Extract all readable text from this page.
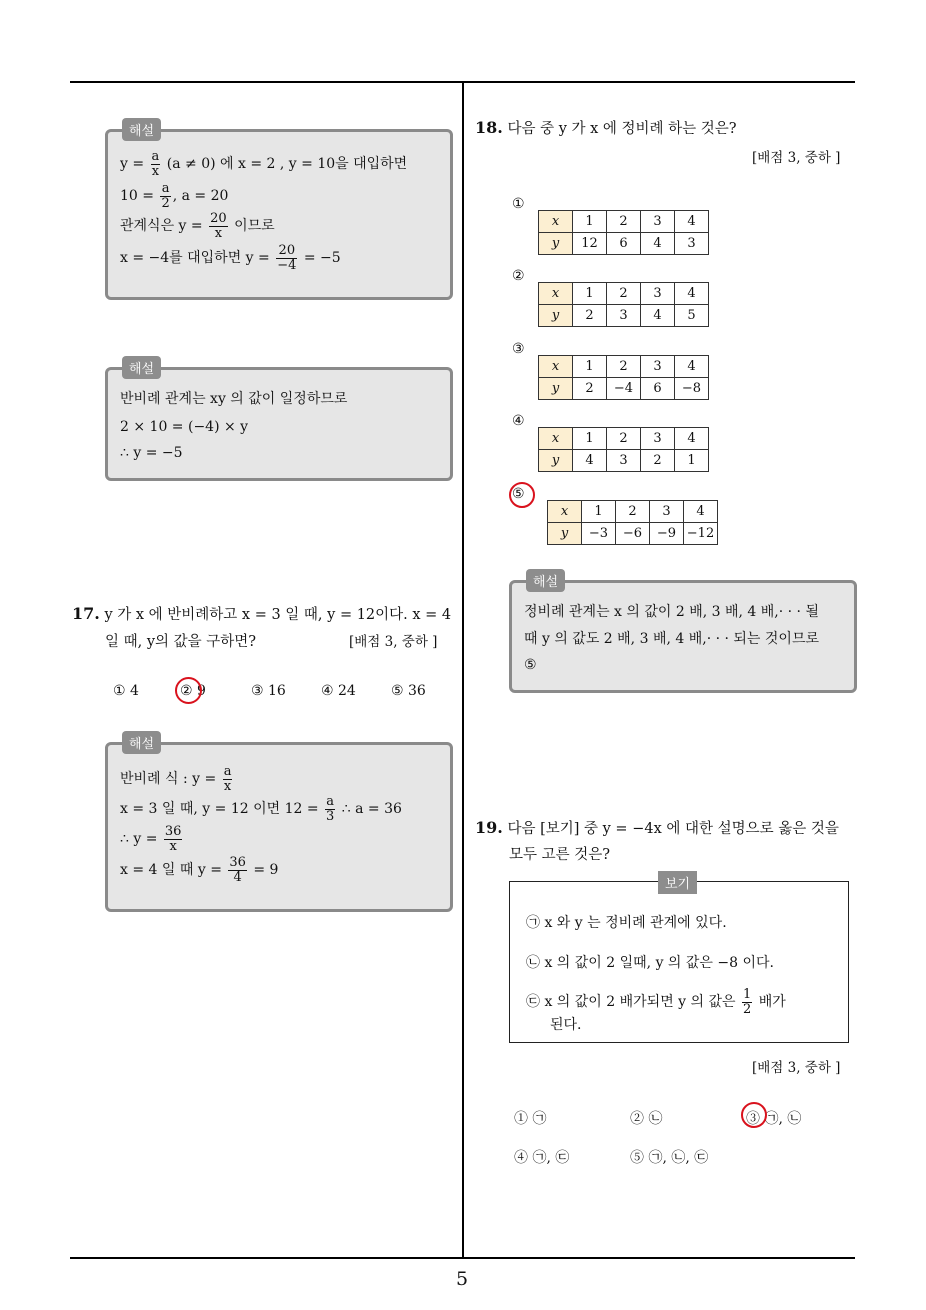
5
해설
$y = \frac{a}{x} (a \ne 0)$ 에 x = 2 , y = 10을 대입하면
$10 = \frac{a}{2}$ , a = 20
관계식은 $y = \frac{20}{x}$ 이므로
x = −4를 대입하면 $y = \frac{20}{-4} = -5$
해설
반비례 관계는 xy 의 값이 일정하므로
2 × 10 = (−4) × y
∴ y = −5
17. y 가 x 에 반비례하고 x = 3 일 때, y = 12이다. x = 4
일 때, y의 값을 구하면?	[배점 3, 중하 ]
① 4	② 9	③ 16	④ 24	⑤ 36
해설
반비례 식 : $y = \frac{a}{x}$
x = 3 일 때, y = 12 이면 $12 = \frac{a}{3}$ ∴ a = 36
∴ $y = \frac{36}{x}$
x = 4 일 때 $y = \frac{36}{4} = 9$
18. 다음 중 y 가 x 에 정비례 하는 것은?
[배점 3, 중하 ]
①
x	1	2	3	4
y	12	6	4	3
②
x	1	2	3	4
y	2	3	4	5
③
x	1	2	3	4
y	2	−4	6	−8
④
x	1	2	3	4
y	4	3	2	1
⑤
x	1	2	3	4
y	−3	−6	−9	−12
해설
정비례 관계는 x 의 값이 2 배, 3 배, 4 배,· · · 될
때 y 의 값도 2 배, 3 배, 4 배,· · · 되는 것이므로
⑤
19. 다음 [보기] 중 y = −4x 에 대한 설명으로 옳은 것을
모두 고른 것은?
보기
㉠ x 와 y 는 정비례 관계에 있다.
㉡ x 의 값이 2 일때, y 의 값은 −8 이다.
㉢ x 의 값이 2 배가되면 y 의 값은 $\frac{1}{2}$ 배가
된다.
[배점 3, 중하 ]
① ㉠	② ㉡	③ ㉠, ㉡
④ ㉠, ㉢	⑤ ㉠, ㉡, ㉢
